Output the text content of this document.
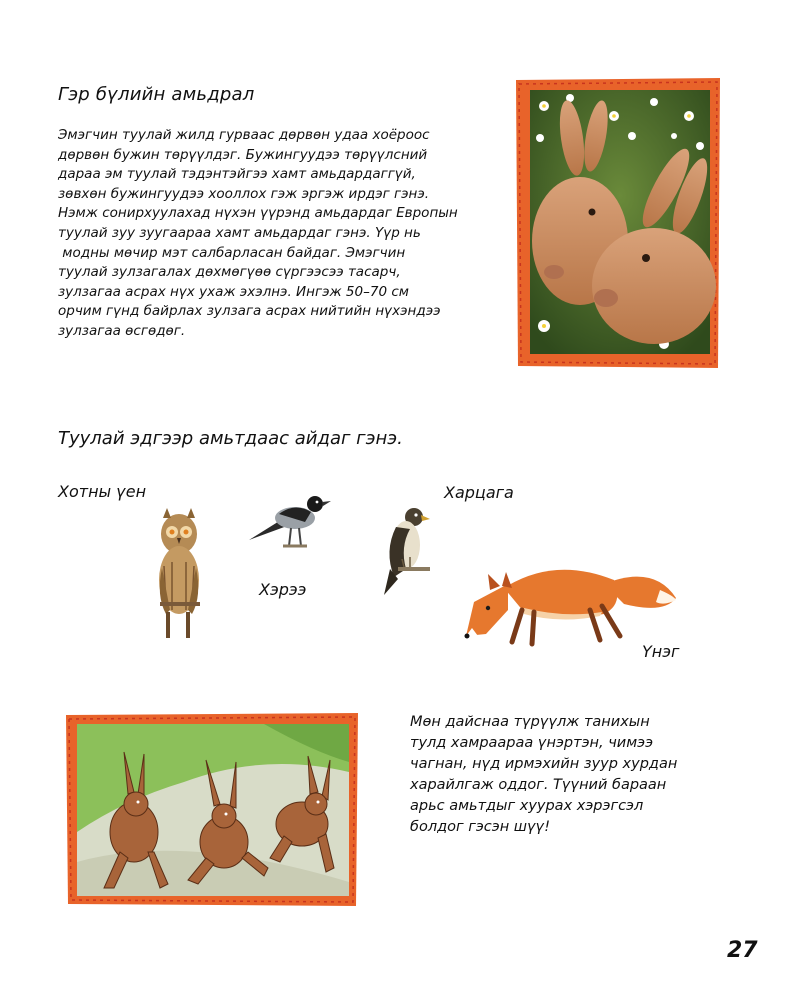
Гэр бүлийн амьдрал
Эмэгчин туулай жилд гурваас дөрвөн удаа хоёроос
дөрвөн бужин төрүүлдэг. Бужингуудээ төрүүлсний
дараа эм туулай тэдэнтэйгээ хамт амьдардаггүй,
зөвхөн бужингуудээ хооллох гэж эргэж ирдэг гэнэ.
Нэмж сонирхуулахад нүхэн үүрэнд амьдардаг Европын
туулай зуу зуугаараа хамт амьдардаг гэнэ. Үүр нь
модны мөчир мэт салбарласан байдаг. Эмэгчин
туулай зулзагалах дөхмөгүөө сүргээсээ тасарч,
зулзагаа асрах нүх ухаж эхэлнэ. Ингэж 50–70 см
орчим гүнд байрлах зулзага асрах нийтийн нүхэндээ
зулзагаа өсгөдөг.
Туулай эдгээр амьтдаас айдаг гэнэ.
Хотны үен
Хэрээ
Харцага
Үнэг
Мөн дайснаа түрүүлж танихын
тулд хамраараа үнэртэн, чимээ
чагнан, нүд ирмэхийн зуур хурдан
харайлгаж оддог. Түүний бараан
арьс амьтдыг хуурах хэрэгсэл
болдог гэсэн шүү!
27
